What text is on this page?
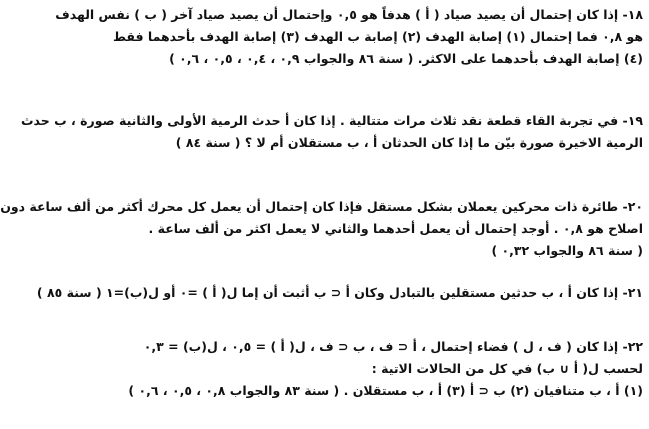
١٨- إذا كان إحتمال أن يصيد صياد ( أ ) هدفاً هو ٠,٥ وإحتمال أن يصيد صياد آخر ( ب ) نفس الهدف
هو ٠,٨ فما إحتمال (١) إصابة الهدف (٢) إصابة ب الهدف (٣) إصابة الهدف بأحدهما فقط
(٤) إصابة الهدف بأحدهما على الاكثر. ( سنة ٨٦ والجواب ٠,٩ ، ٠,٤ ، ٠,٥ ، ٠,٦ )
١٩- في تجربة القاء قطعة نقد ثلاث مرات متتالية . إذا كان أ حدث الرمية الأولى والثانية صورة ، ب حدث
الرمية الاخيرة صورة بيّن ما إذا كان الحدثان أ ، ب مستقلان أم لا ؟ ( سنة ٨٤ )
٢٠- طائرة ذات محركين يعملان بشكل مستقل فإذا كان إحتمال أن يعمل كل محرك أكثر من ألف ساعة دون
اصلاح هو ٠,٨ . أوجد إحتمال أن يعمل أحدهما والثاني لا يعمل اكثر من ألف ساعة .
( سنة ٨٦ والجواب ٠,٣٢ )
٢١- إذا كان أ ، ب حدثين مستقلين بالتبادل وكان أ ⊂ ب أثبت أن إما ل( أ ) =٠ أو ل(ب)=١ ( سنة ٨٥ )
٢٢- إذا كان ( ف ، ل ) فضاء إحتمال ، أ ⊂ ف ، ب ⊂ ف ، ل( أ ) = ٠,٥ ، ل(ب) = ٠,٣
لحسب ل( أ ∪ ب) في كل من الحالات الاتية :
(١) أ ، ب متنافيان (٢) ب ⊂ أ (٣) أ ، ب مستقلان . ( سنة ٨٣ والجواب ٠,٨ ، ٠,٥ ، ٠,٦ )
